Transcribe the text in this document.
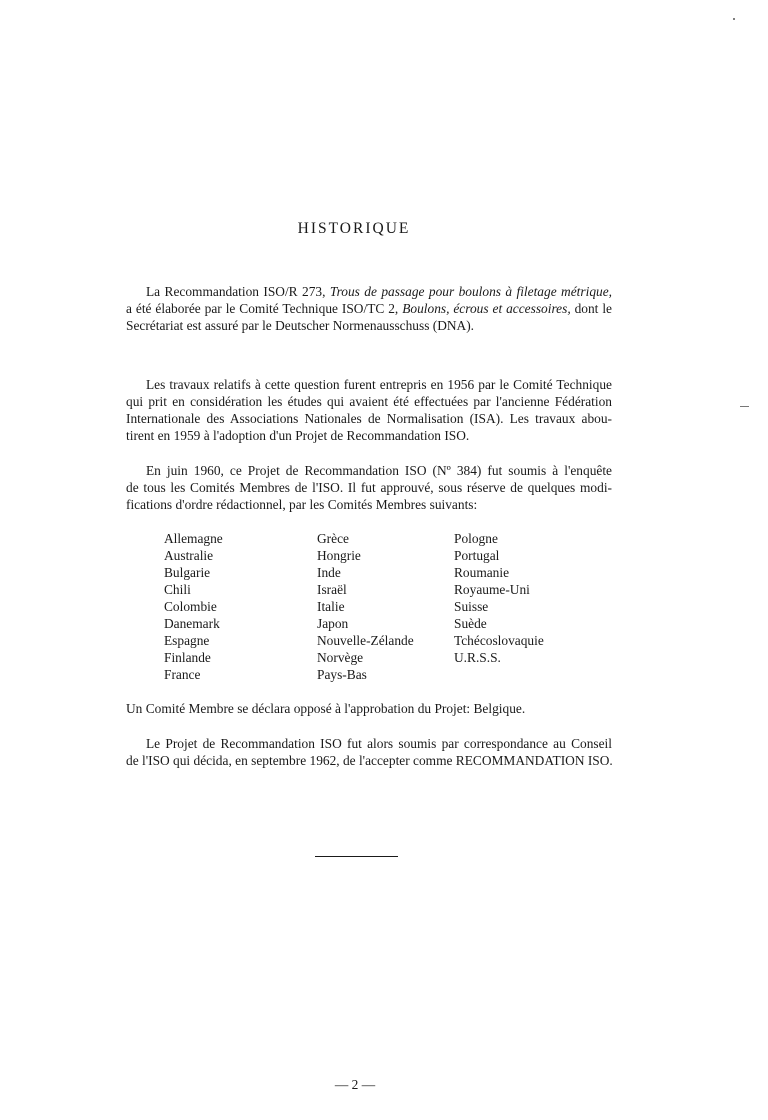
HISTORIQUE
La Recommandation ISO/R 273, Trous de passage pour boulons à filetage métrique,
a été élaborée par le Comité Technique ISO/TC 2, Boulons, écrous et accessoires, dont le
Secrétariat est assuré par le Deutscher Normenausschuss (DNA).
Les travaux relatifs à cette question furent entrepris en 1956 par le Comité Technique
qui prit en considération les études qui avaient été effectuées par l'ancienne Fédération
Internationale des Associations Nationales de Normalisation (ISA). Les travaux abou-
tirent en 1959 à l'adoption d'un Projet de Recommandation ISO.
En juin 1960, ce Projet de Recommandation ISO (Nº 384) fut soumis à l'enquête
de tous les Comités Membres de l'ISO. Il fut approuvé, sous réserve de quelques modi-
fications d'ordre rédactionnel, par les Comités Membres suivants:
Allemagne
Australie
Bulgarie
Chili
Colombie
Danemark
Espagne
Finlande
France
Grèce
Hongrie
Inde
Israël
Italie
Japon
Nouvelle-Zélande
Norvège
Pays-Bas
Pologne
Portugal
Roumanie
Royaume-Uni
Suisse
Suède
Tchécoslovaquie
U.R.S.S.
Un Comité Membre se déclara opposé à l'approbation du Projet: Belgique.
Le Projet de Recommandation ISO fut alors soumis par correspondance au Conseil
de l'ISO qui décida, en septembre 1962, de l'accepter comme RECOMMANDATION ISO.
— 2 —
